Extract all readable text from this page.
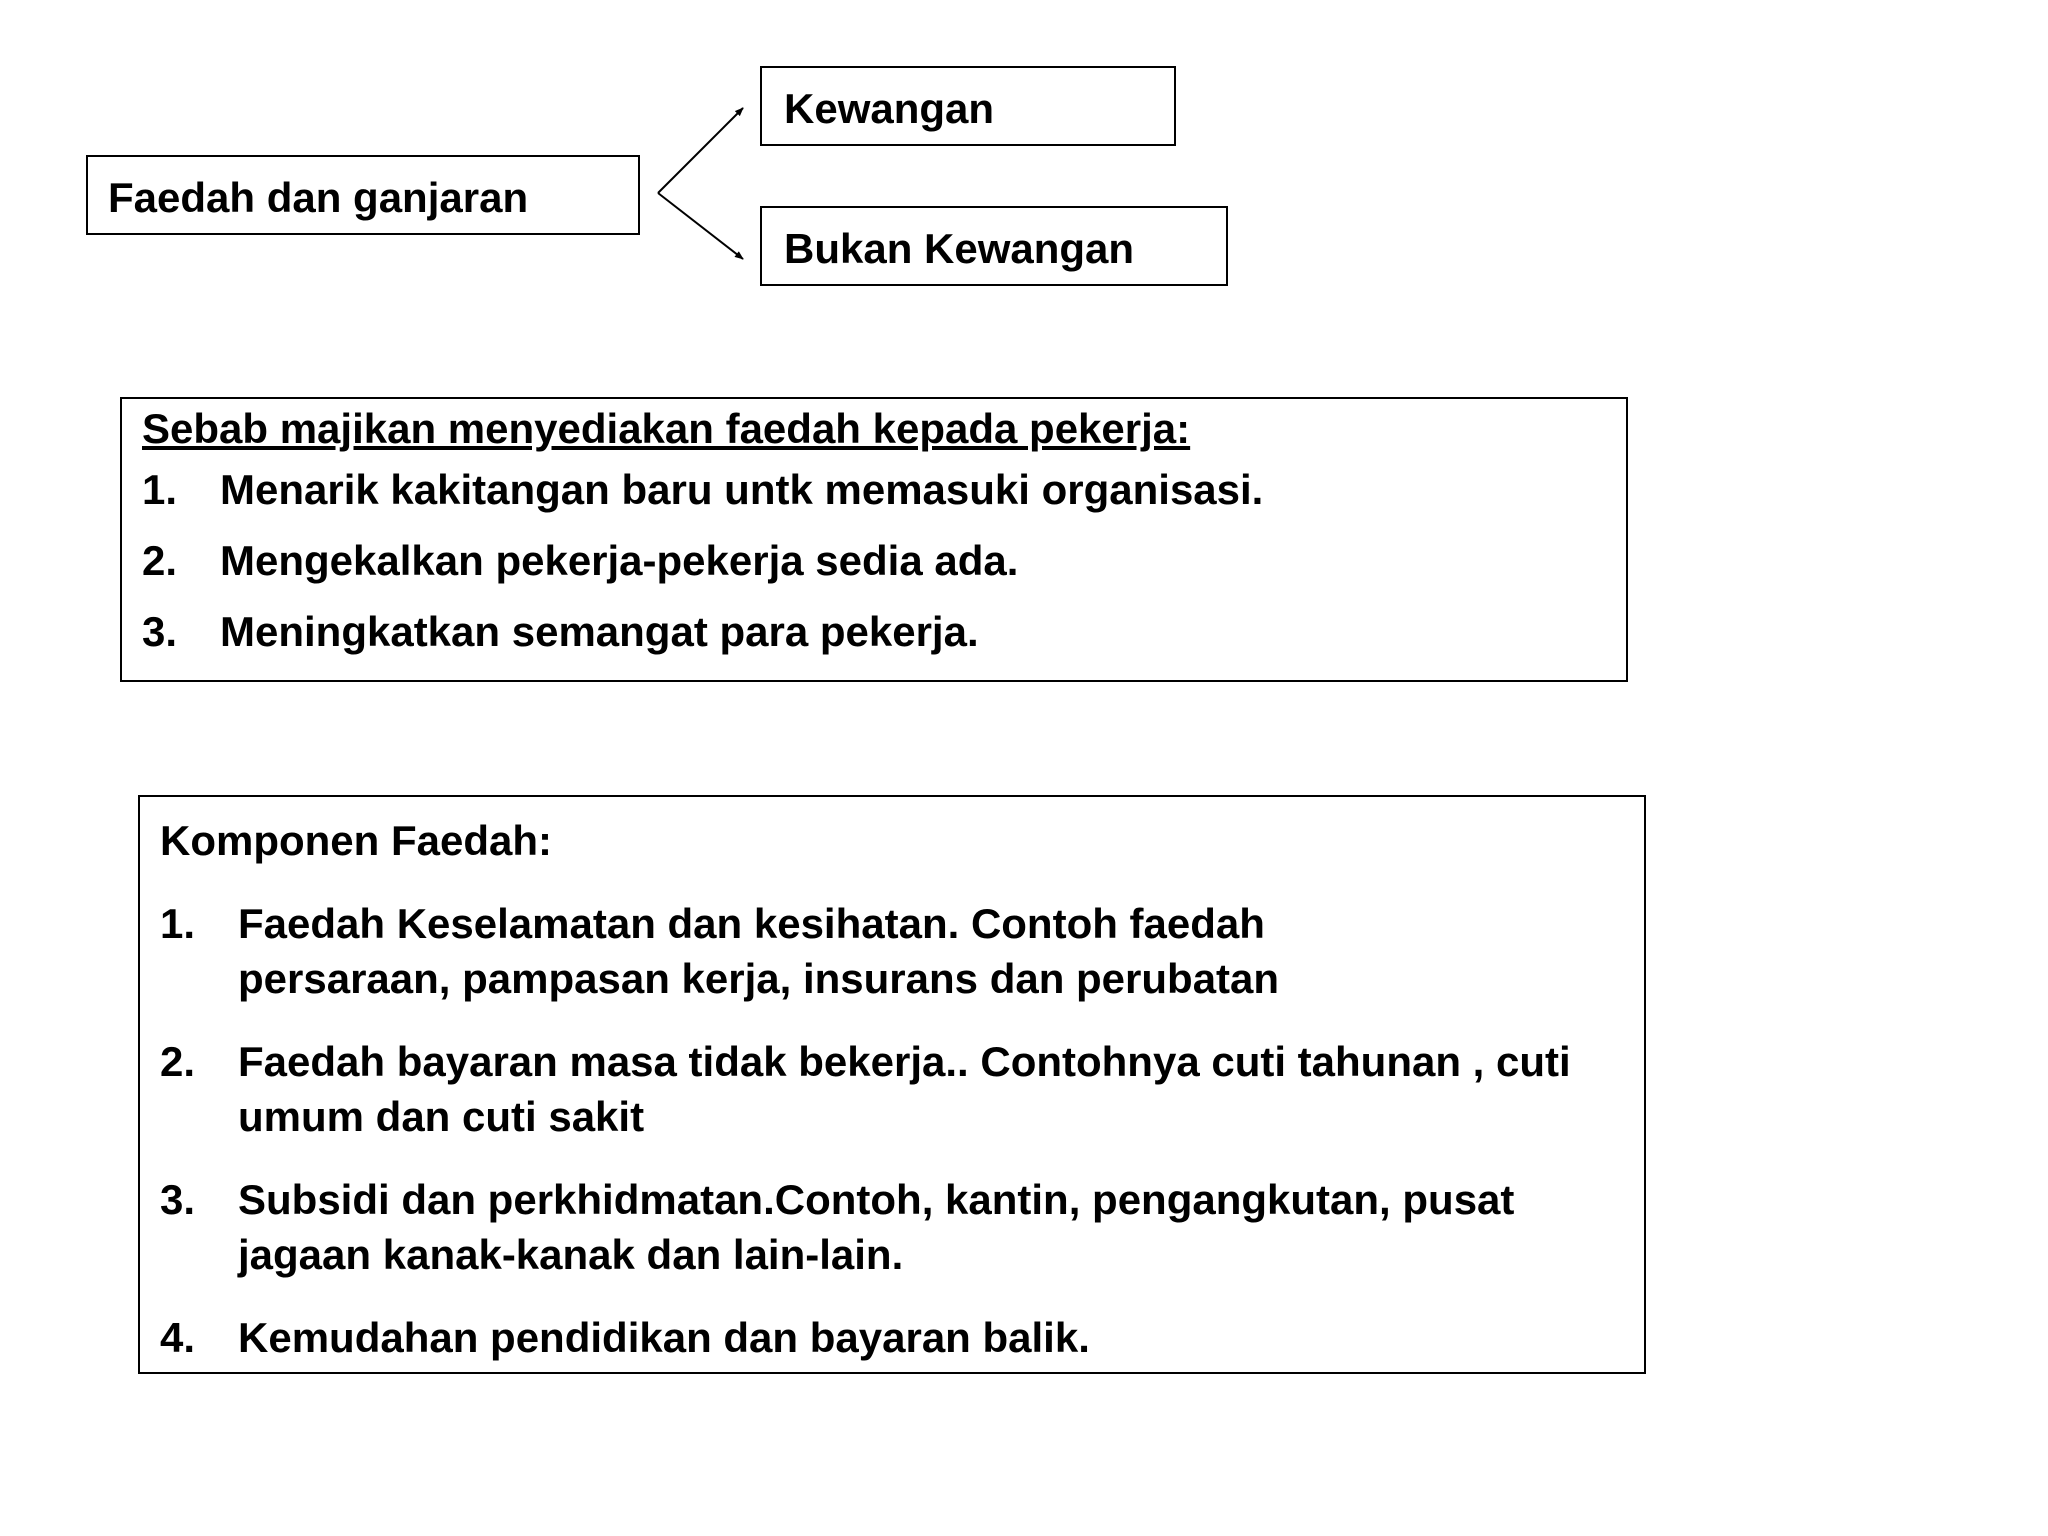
Faedah dan ganjaran
Kewangan
Bukan Kewangan
Sebab majikan menyediakan faedah kepada pekerja:
1.	Menarik kakitangan baru untk memasuki organisasi.
2.	Mengekalkan pekerja-pekerja sedia ada.
3.	Meningkatkan semangat para pekerja.
Komponen Faedah:
1.	Faedah Keselamatan dan kesihatan. Contoh faedah persaraan, pampasan kerja, insurans dan perubatan
2.	Faedah bayaran masa tidak bekerja.. Contohnya cuti tahunan , cuti umum dan cuti sakit
3.	Subsidi dan perkhidmatan.Contoh, kantin, pengangkutan, pusat jagaan kanak-kanak dan lain-lain.
4.	Kemudahan pendidikan dan bayaran balik.
